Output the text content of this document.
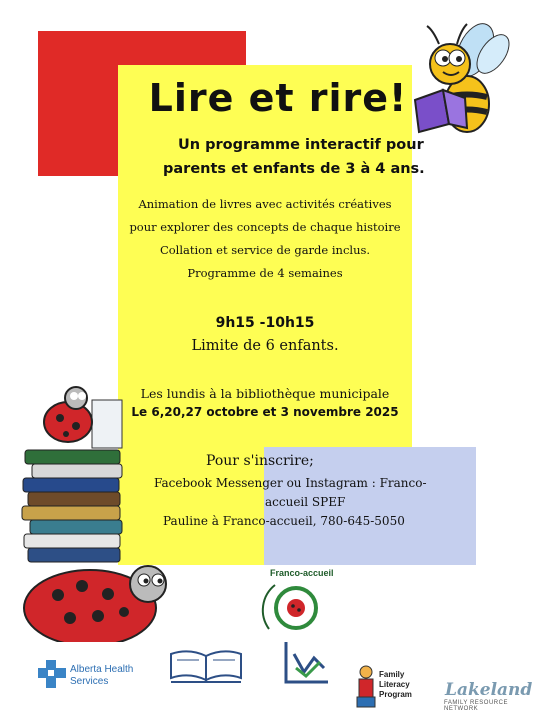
Lire et rire!
Un programme interactif pour
parents et enfants de 3 à 4 ans.
Animation de livres avec activités créatives
pour explorer des concepts de chaque histoire
Collation et service de garde inclus.
Programme de 4 semaines
9h15 -10h15
Limite de 6 enfants.
Les lundis à la bibliothèque municipale
Le 6,20,27 octobre et 3 novembre 2025
Pour s'inscrire;
Facebook Messenger ou Instagram : Franco-
accueil SPEF
Pauline à Franco-accueil, 780-645-5050
Franco-accueil
Alberta Health
Services
Family
Literacy
Program Lakeland
FAMILY RESOURCE NETWORK
